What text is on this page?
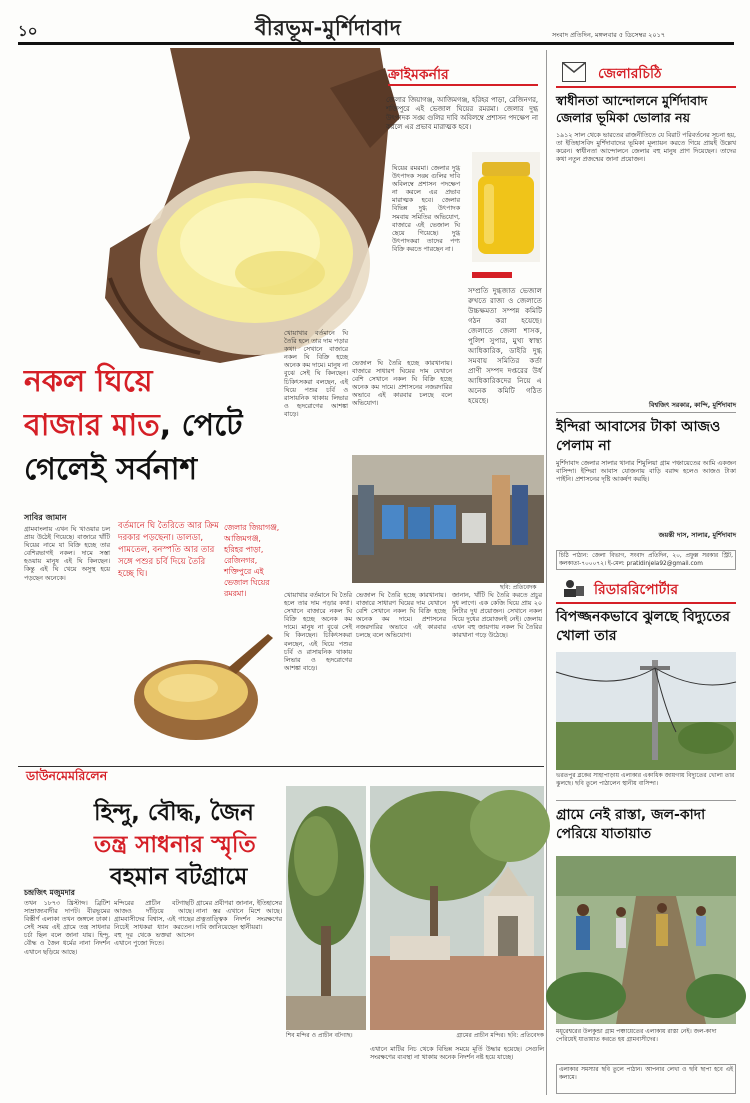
১০	বীরভূম-মুর্শিদাবাদ	সংবাদ প্রতিদিন, মঙ্গলবার ৫ ডিসেম্বর ২০১৭
ক্রাইমকর্নার
জেলার জিয়াগঞ্জ, আজিমগঞ্জ, হরিহর পাড়া, রেজিনগর, শক্তিপুরে এই ভেজাল ঘিয়ের রমরমা। জেলার দুগ্ধ উৎপাদক সঙ্ঘ গুলির দাবি অবিলম্বে প্রশাসন পদক্ষেপ না করলে এর প্রভাব মারাত্মক হবে।
ঘিয়ের রমরমা। জেলার দুগ্ধ উৎপাদক সঙ্ঘ গুলির দাবি অবিলম্বে প্রশাসন পদক্ষেপ না করলে এর প্রভাব মারাত্মক হবে। জেলার বিভিন্ন দুগ্ধ উৎপাদক সমবায় সমিতির অভিযোগ, বাজারে এই ভেজাল ঘি ছেয়ে গিয়েছে। দুগ্ধ উৎপাদকরা তাদের পণ্য বিক্রি করতে পারছেন না।
সম্প্রতি দুগ্ধজাত ভেজাল রুখতে রাজ্য ও জেলাতে উচ্চক্ষমতা সম্পন্ন কমিটি গঠন করা হয়েছে। জেলাতে জেলা শাসক, পুলিশ সুপার, মুখ্য স্বাস্থ্য আধিকারিক, ডাইরি দুগ্ধ সমবায় সমিতির কর্তা প্রাণী সম্পদ দপ্তরের উর্ধ আধিকারিকদের নিয়ে এ অনেক কমিটি গঠিত হয়েছে।
নকল ঘিয়ে
বাজার মাত, পেটে
গেলেই সর্বনাশ
খোয়াখার বর্তমানে ঘি তৈরি হলে তার দাম পড়ার কথা। সেখানে বাজারে নকল ঘি বিক্রি হচ্ছে অনেক কম দামে। মানুষ না বুঝে সেই ঘি কিনছেন। চিকিৎসকরা বলছেন, এই ঘিয়ে পশুর চর্বি ও রাসায়নিক থাকায় লিভার ও হৃদরোগের আশঙ্কা বাড়ে।
ভেজাল ঘি তৈরি হচ্ছে কারখানায়। বাজারে সাধারণ ঘিয়ের দাম যেখানে বেশি সেখানে নকল ঘি বিক্রি হচ্ছে অনেক কম দামে। প্রশাসনের নজরদারির অভাবে এই কারবার চলছে বলে অভিযোগ।
ছবি: প্রতিবেদক
সাবির জামান
গ্রামবাংলায় এখন ঘি খাওয়ার চল প্রায় উঠেই গিয়েছে। বাজারে খাঁটি ঘিয়ের নামে যা বিক্রি হচ্ছে তার বেশিরভাগই নকল। দামে সস্তা হওয়ায় মানুষ এই ঘি কিনছেন। কিন্তু এই ঘি খেয়ে অসুস্থ হয়ে পড়ছেন অনেকে।
বর্তমানে ঘি তৈরিতে আর ক্রিম দরকার পড়ছেনা। ডালডা, পামতেল, বনস্পতি আর তার সঙ্গে পশুর চর্বি দিয়ে তৈরি হচ্ছে ঘি।
জেলার জিয়াগঞ্জ, আজিমগঞ্জ, হরিহর পাড়া, রেজিনগর, শক্তিপুরে এই ভেজাল ঘিয়ের রমরমা।	খোয়াখার বর্তমানে ঘি তৈরি হলে তার দাম পড়ার কথা। সেখানে বাজারে নকল ঘি বিক্রি হচ্ছে অনেক কম দামে। মানুষ না বুঝে সেই ঘি কিনছেন। চিকিৎসকরা বলছেন, এই ঘিয়ে পশুর চর্বি ও রাসায়নিক থাকায় লিভার ও হৃদরোগের আশঙ্কা বাড়ে।
ভেজাল ঘি তৈরি হচ্ছে কারখানায়। বাজারে সাধারণ ঘিয়ের দাম যেখানে বেশি সেখানে নকল ঘি বিক্রি হচ্ছে অনেক কম দামে। প্রশাসনের নজরদারির অভাবে এই কারবার চলছে বলে অভিযোগ।
জানান, খাঁটি ঘি তৈরি করতে প্রচুর দুধ লাগে। এক কেজি ঘিয়ে প্রায় ২০ লিটার দুধ প্রয়োজন। সেখানে নকল ঘিয়ে দুধের প্রয়োজনই নেই। জেলায় এখন বহু জায়গায় নকল ঘি তৈরির কারখানা গড়ে উঠেছে।
ডাউনমেমরিলেন
হিন্দু, বৌদ্ধ, জৈন
তন্ত্র সাধনার স্মৃতি
বহমান বটগ্রামে
চন্দ্রজিৎ মজুমদার
তখন ১৮৭৩ খ্রিস্টাব্দ। ব্রিটিশ সাম্রাজ্যবাদীর দাপট। বীরভূমের বিস্তীর্ণ এলাকা তখন জঙ্গলে ঢাকা। সেই সময় এই গ্রামে তন্ত্র সাধনার চর্চা ছিল বলে জানা যায়। হিন্দু, বৌদ্ধ ও জৈন ধর্মের নানা নিদর্শন এখানে ছড়িয়ে আছে।
মন্দিরের প্রাচীন বটগাছটি আজও দাঁড়িয়ে আছে। গ্রামবাসীদের বিশ্বাস, এই গাছের নিচেই সাধকরা ধ্যান করতেন। বহু দূর থেকে ভক্তরা আসেন এখানে পুজো দিতে।
গ্রামের প্রবীণরা জানান, ইতিহাসের নানা স্তর এখানে মিশে আছে। প্রত্নতাত্ত্বিক নিদর্শন সংরক্ষণের দাবি জানিয়েছেন স্থানীয়রা।
শিব মন্দির ও প্রাচীন বটগাছ।	গ্রামের প্রাচীন মন্দির। ছবি: প্রতিবেদক
এখানে মাটির নিচ থেকে বিভিন্ন সময়ে মূর্তি উদ্ধার হয়েছে। সেগুলি সংরক্ষণের ব্যবস্থা না থাকায় অনেক নিদর্শন নষ্ট হয়ে যাচ্ছে।
জেলারচিঠি
স্বাধীনতা আন্দোলনে মুর্শিদাবাদ জেলার ভূমিকা ভোলার নয়
১৯১২ সাল থেকে ভারতের রাজনীতিতে যে বিরাট পরিবর্তনের সূচনা হয়, তা ইতিহাসবিদ মুর্শিদাবাদের ভূমিকা মূল্যায়ন করতে গিয়ে প্রায়ই উল্লেখ করেন। স্বাধীনতা আন্দোলনে জেলার বহু মানুষ প্রাণ দিয়েছেন। তাদের কথা নতুন প্রজন্মের জানা প্রয়োজন।
বিশ্বজিৎ সরকার, কান্দি, মুর্শিদাবাদ
ইন্দিরা আবাসের টাকা আজও পেলাম না
মুর্শিদাবাদ জেলার সালার থানার শিমুলিয়া গ্রাম পঞ্চায়েতের আমি একজন বাসিন্দা। ইন্দিরা আবাস যোজনায় বাড়ি বরাদ্দ হলেও আজও টাকা পাইনি। প্রশাসনের দৃষ্টি আকর্ষণ করছি।
জয়ন্তী দাস, সালার, মুর্শিদাবাদ
চিঠি পাঠান: জেলা বিভাগ, সংবাদ প্রতিদিন, ২০, প্রফুল্ল সরকার স্ট্রিট, কলকাতা-৭০০০৭২। ই-মেল: pratidinjela92@gmail.com
রিডাররিপোর্টার
বিপজ্জনকভাবে ঝুলছে বিদ্যুতের খোলা তার
ভরতপুর ব্লকের সাহাপাড়ায় এলাকার একাধিক জায়গায় বিদ্যুতের খোলা তার ঝুলছে। ছবি তুলে পাঠালেন স্থানীয় বাসিন্দা।
গ্রামে নেই রাস্তা, জল-কাদা পেরিয়ে যাতায়াত
ময়ূরেশ্বরের উলকুন্ডা গ্রাম পঞ্চায়েতের এলাকায় রাস্তা নেই। জল-কাদা পেরিয়েই যাতায়াত করতে হয় গ্রামবাসীদের।
এলাকার সমস্যার ছবি তুলে পাঠান। আপনার লেখা ও ছবি ছাপা হবে এই কলামে।
